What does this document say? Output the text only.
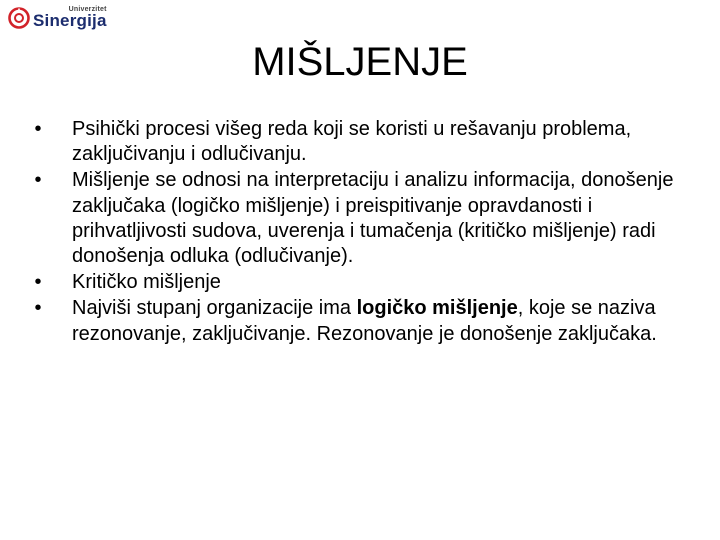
Univerzitet
Sinergija
MIŠLJENJE
•	Psihički procesi višeg reda koji se koristi u rešavanju problema, zaključivanju i odlučivanju.
•	Mišljenje se odnosi na interpretaciju i analizu informacija, donošenje zaključaka (logičko mišljenje) i preispitivanje opravdanosti i prihvatljivosti sudova, uverenja i tumačenja (kritičko mišljenje) radi donošenja odluka (odlučivanje).
•	Kritičko mišljenje
•	Najviši stupanj organizacije ima logičko mišljenje, koje se naziva rezonovanje, zaključivanje. Rezonovanje je donošenje zaključaka.
